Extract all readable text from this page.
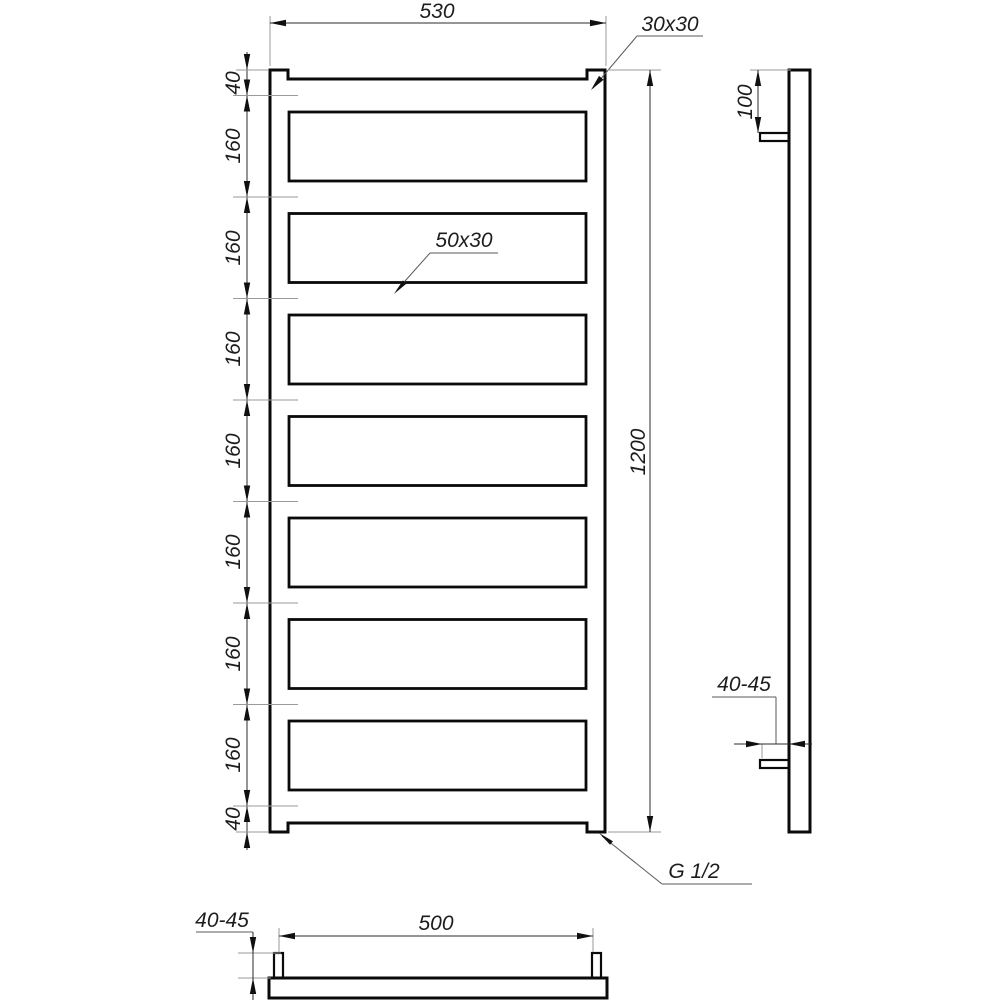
530
30x30
50x30
1200
40
160
160
160
160
160
160
160
40
100
40-45
G 1/2
500
40-45
